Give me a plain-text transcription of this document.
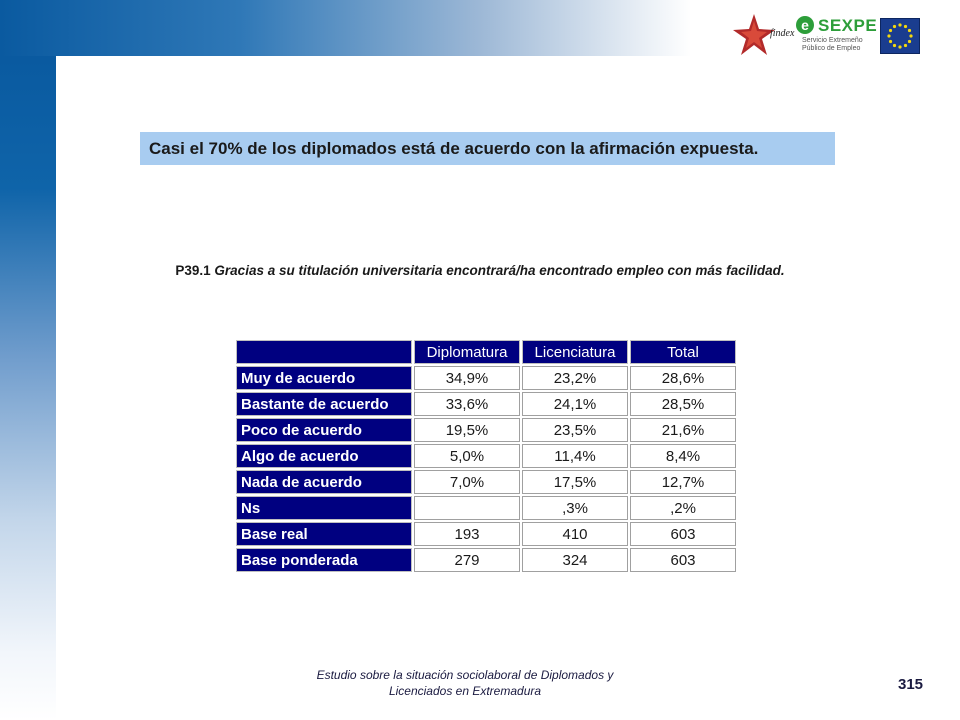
findex
e SEXPE
Servicio Extremeño
Público de Empleo
Casi el 70% de los diplomados está de acuerdo con la afirmación expuesta.
P39.1 Gracias a su titulación universitaria encontrará/ha encontrado empleo con más facilidad.
	Diplomatura	Licenciatura	Total
Muy de acuerdo	34,9%	23,2%	28,6%
Bastante de acuerdo	33,6%	24,1%	28,5%
Poco de acuerdo	19,5%	23,5%	21,6%
Algo de acuerdo	5,0%	11,4%	8,4%
Nada de acuerdo	7,0%	17,5%	12,7%
Ns		,3%	,2%
Base real	193	410	603
Base ponderada	279	324	603
Estudio sobre la situación sociolaboral de Diplomados y
Licenciados en Extremadura	315
